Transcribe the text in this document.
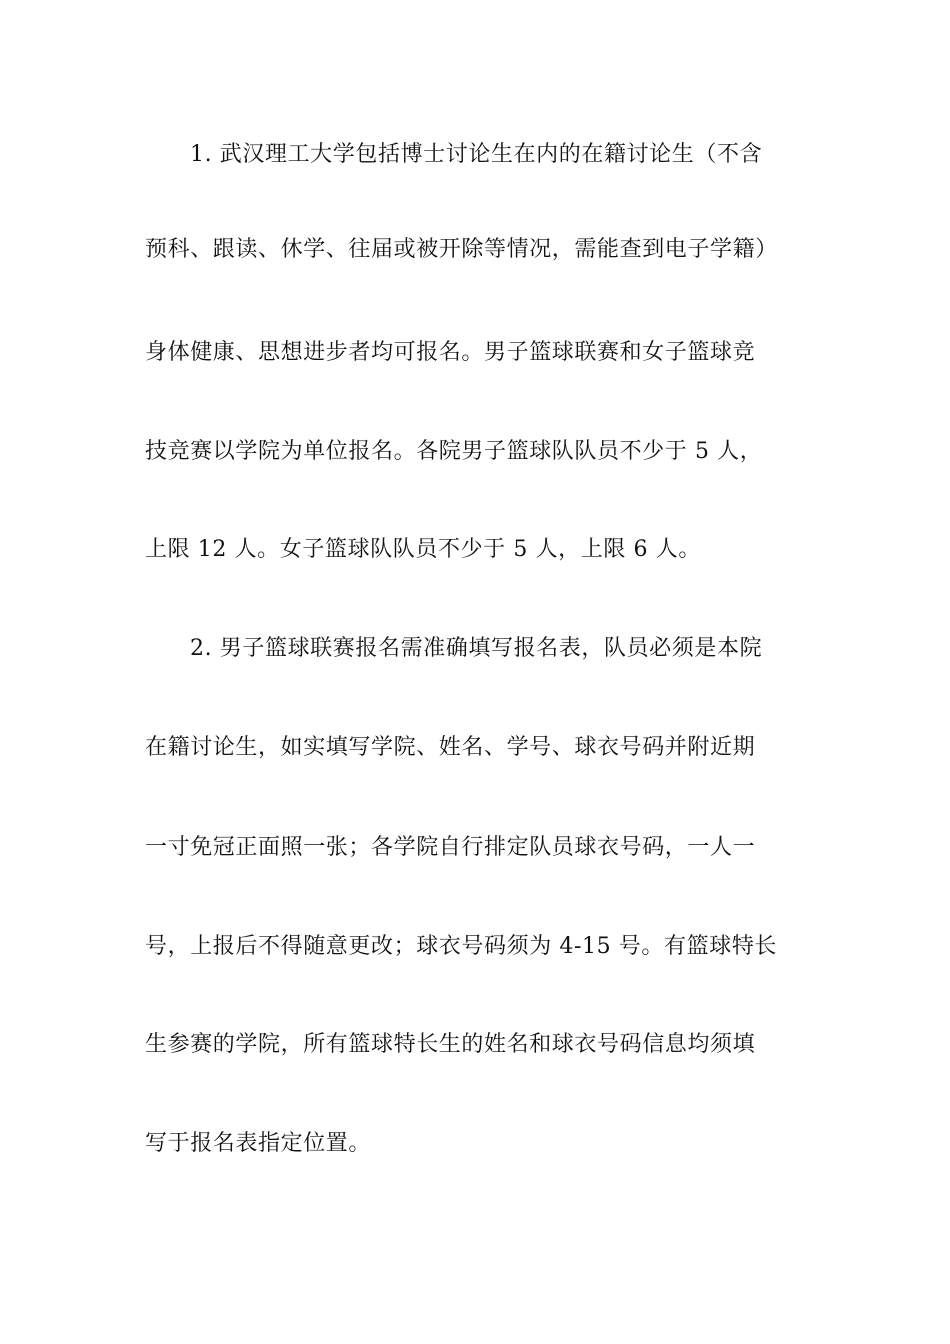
1. 武汉理工大学包括博士讨论生在内的在籍讨论生（不含
预科、跟读、休学、往届或被开除等情况，需能查到电子学籍）
身体健康、思想进步者均可报名。男子篮球联赛和女子篮球竞
技竞赛以学院为单位报名。各院男子篮球队队员不少于 5 人，
上限 12 人。女子篮球队队员不少于 5 人，上限 6 人。
2. 男子篮球联赛报名需准确填写报名表，队员必须是本院
在籍讨论生，如实填写学院、姓名、学号、球衣号码并附近期
一寸免冠正面照一张；各学院自行排定队员球衣号码，一人一
号，上报后不得随意更改；球衣号码须为 4-15 号。有篮球特长
生参赛的学院，所有篮球特长生的姓名和球衣号码信息均须填
写于报名表指定位置。
